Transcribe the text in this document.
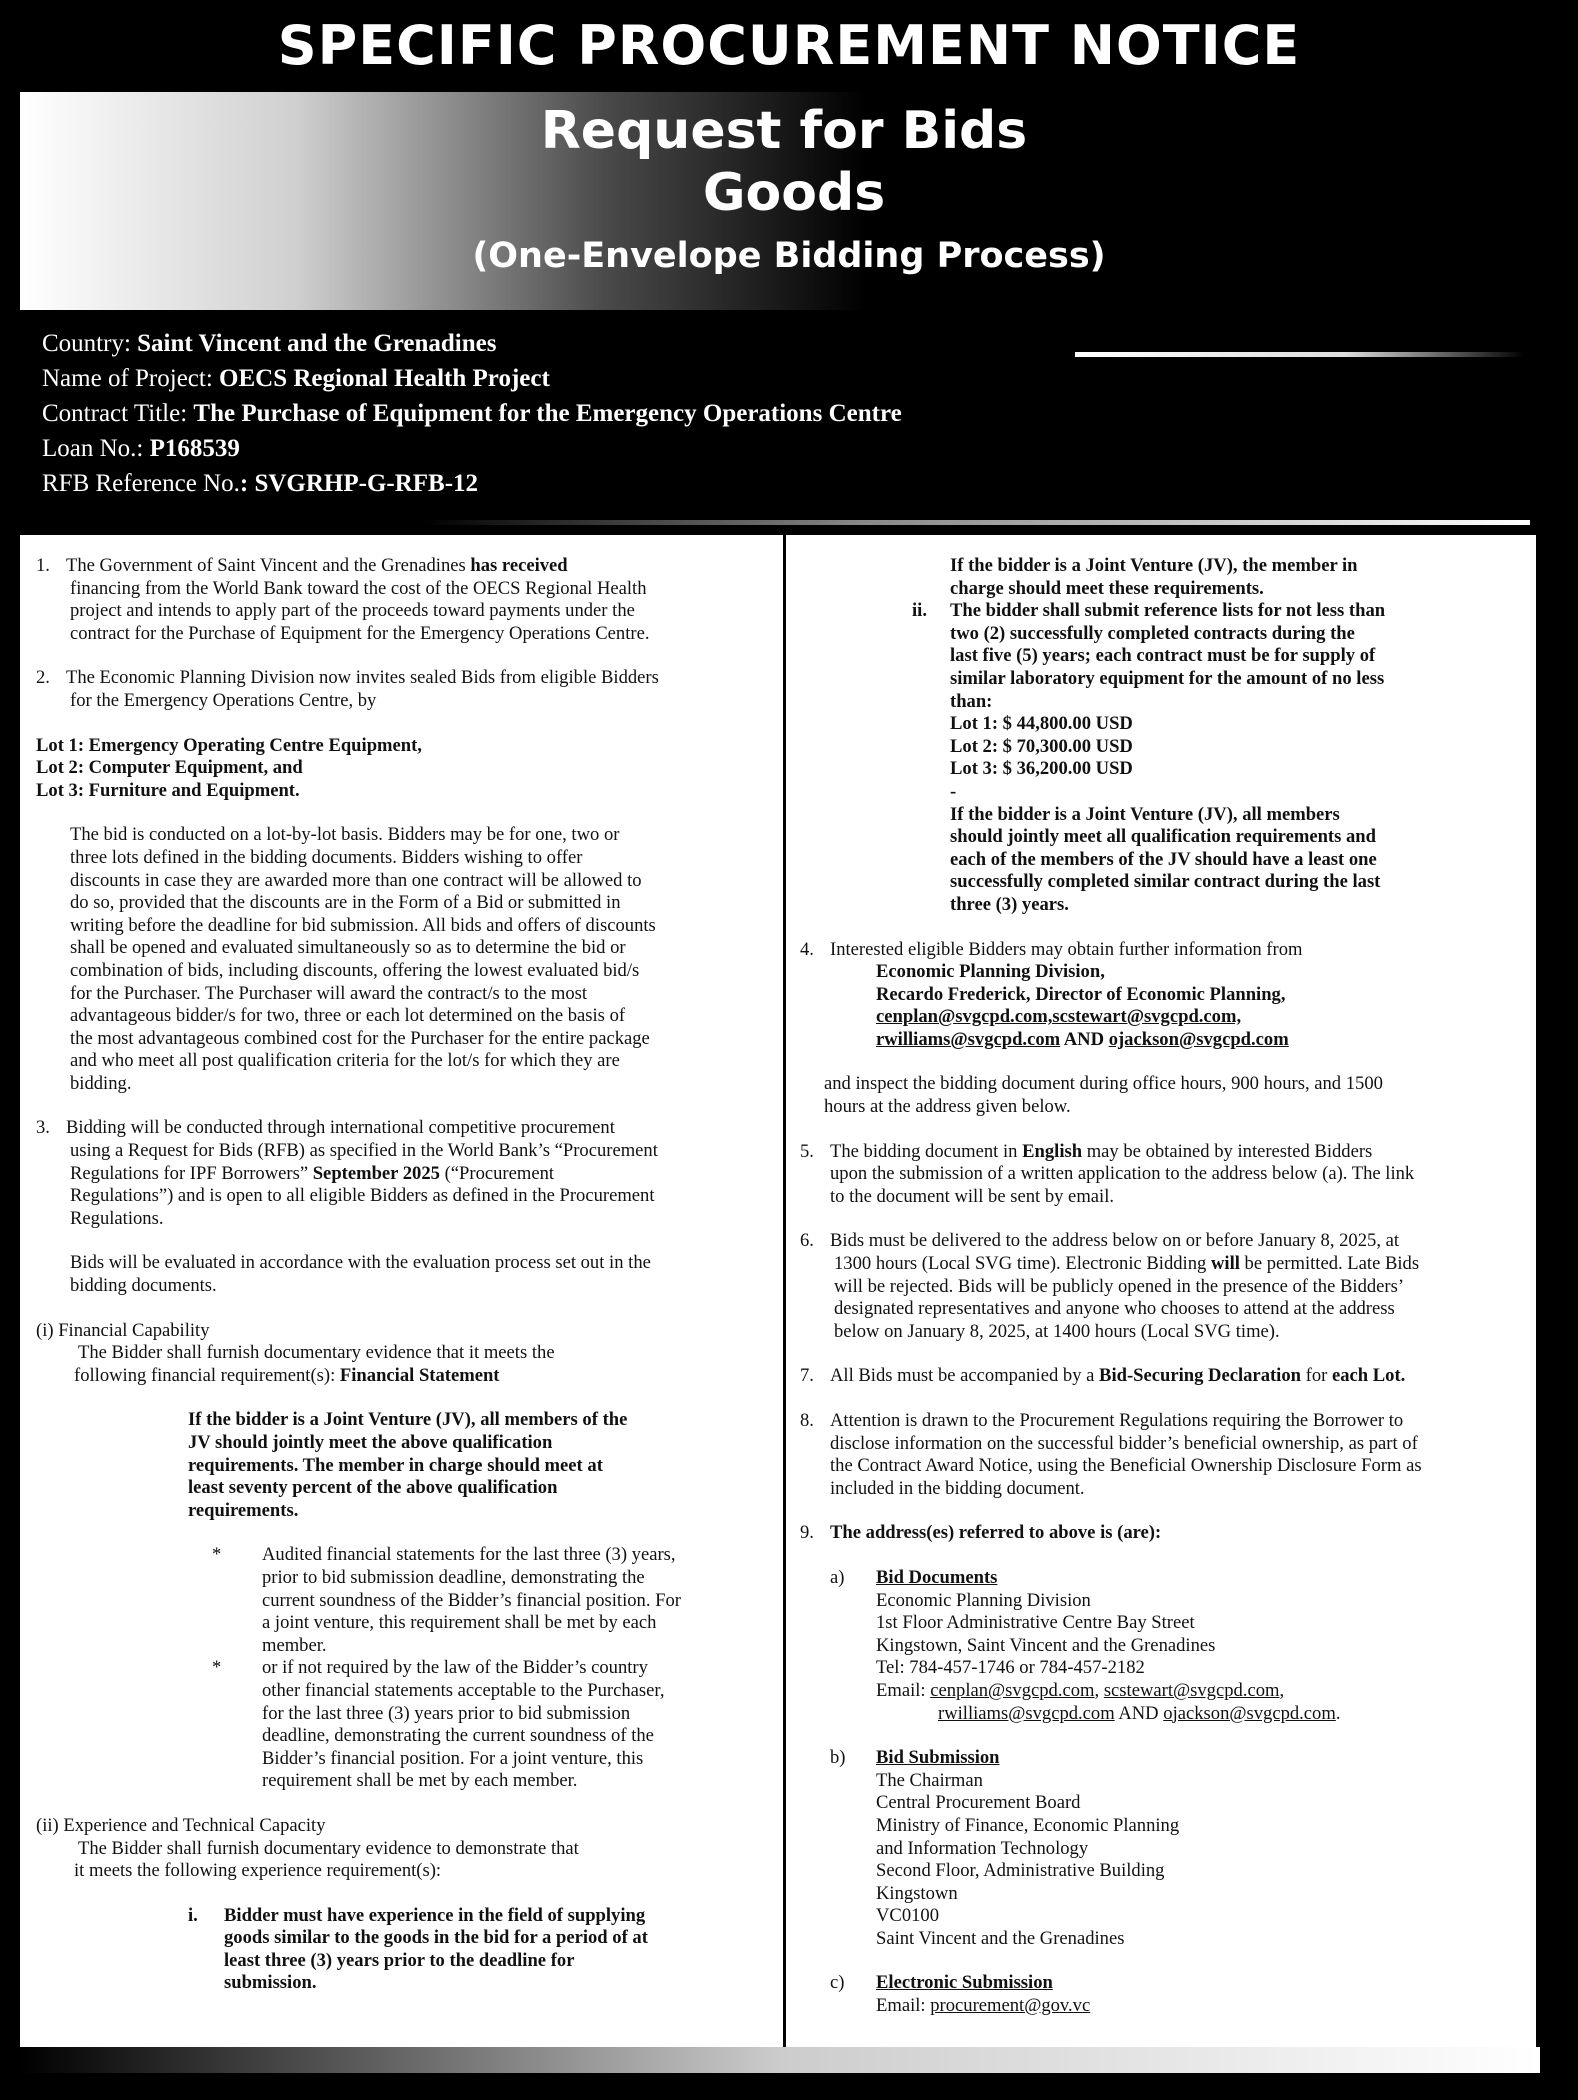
SPECIFIC PROCUREMENT NOTICE
Request for Bids
Goods
(One-Envelope Bidding Process)
Country: Saint Vincent and the Grenadines
Name of Project: OECS Regional Health Project
Contract Title: The Purchase of Equipment for the Emergency Operations Centre
Loan No.: P168539
RFB Reference No.: SVGRHP-G-RFB-12

1. The Government of Saint Vincent and the Grenadines has received

financing from the World Bank toward the cost of the OECS Regional Health

project and intends to apply part of the proceeds toward payments under the

contract for the Purchase of Equipment for the Emergency Operations Centre.

2. The Economic Planning Division now invites sealed Bids from eligible Bidders

for the Emergency Operations Centre, by

Lot 1: Emergency Operating Centre Equipment,

Lot 2: Computer Equipment, and

Lot 3: Furniture and Equipment.

The bid is conducted on a lot-by-lot basis. Bidders may be for one, two or

three lots defined in the bidding documents. Bidders wishing to offer

discounts in case they are awarded more than one contract will be allowed to

do so, provided that the discounts are in the Form of a Bid or submitted in

writing before the deadline for bid submission. All bids and offers of discounts

shall be opened and evaluated simultaneously so as to determine the bid or

combination of bids, including discounts, offering the lowest evaluated bid/s

for the Purchaser. The Purchaser will award the contract/s to the most

advantageous bidder/s for two, three or each lot determined on the basis of

the most advantageous combined cost for the Purchaser for the entire package

and who meet all post qualification criteria for the lot/s for which they are

bidding.

3. Bidding will be conducted through international competitive procurement

using a Request for Bids (RFB) as specified in the World Bank’s “Procurement

Regulations for IPF Borrowers” September 2025 (“Procurement

Regulations”) and is open to all eligible Bidders as defined in the Procurement

Regulations.

Bids will be evaluated in accordance with the evaluation process set out in the

bidding documents.

(i) Financial Capability

The Bidder shall furnish documentary evidence that it meets the

following financial requirement(s): Financial Statement

If the bidder is a Joint Venture (JV), all members of the

JV should jointly meet the above qualification

requirements. The member in charge should meet at

least seventy percent of the above qualification

requirements.

* Audited financial statements for the last three (3) years,

prior to bid submission deadline, demonstrating the

current soundness of the Bidder’s financial position. For

a joint venture, this requirement shall be met by each

member.

* or if not required by the law of the Bidder’s country

other financial statements acceptable to the Purchaser,

for the last three (3) years prior to bid submission

deadline, demonstrating the current soundness of the

Bidder’s financial position. For a joint venture, this

requirement shall be met by each member.

(ii) Experience and Technical Capacity

The Bidder shall furnish documentary evidence to demonstrate that

it meets the following experience requirement(s):

i. Bidder must have experience in the field of supplying

goods similar to the goods in the bid for a period of at

least three (3) years prior to the deadline for

submission.

If the bidder is a Joint Venture (JV), the member in

charge should meet these requirements.

ii. The bidder shall submit reference lists for not less than

two (2) successfully completed contracts during the

last five (5) years; each contract must be for supply of

similar laboratory equipment for the amount of no less

than:

Lot 1: $ 44,800.00 USD

Lot 2: $ 70,300.00 USD

Lot 3: $ 36,200.00 USD

-

If the bidder is a Joint Venture (JV), all members

should jointly meet all qualification requirements and

each of the members of the JV should have a least one

successfully completed similar contract during the last

three (3) years.

4. Interested eligible Bidders may obtain further information from

Economic Planning Division,

Recardo Frederick, Director of Economic Planning,

cenplan@svgcpd.com,scstewart@svgcpd.com,

rwilliams@svgcpd.com AND ojackson@svgcpd.com

and inspect the bidding document during office hours, 900 hours, and 1500

hours at the address given below.

5. The bidding document in English may be obtained by interested Bidders

upon the submission of a written application to the address below (a). The link

to the document will be sent by email.

6. Bids must be delivered to the address below on or before January 8, 2025, at

1300 hours (Local SVG time). Electronic Bidding will be permitted. Late Bids

will be rejected. Bids will be publicly opened in the presence of the Bidders’

designated representatives and anyone who chooses to attend at the address

below on January 8, 2025, at 1400 hours (Local SVG time).

7. All Bids must be accompanied by a Bid-Securing Declaration for each Lot.

8. Attention is drawn to the Procurement Regulations requiring the Borrower to

disclose information on the successful bidder’s beneficial ownership, as part of

the Contract Award Notice, using the Beneficial Ownership Disclosure Form as

included in the bidding document.

9. The address(es) referred to above is (are):

a) Bid Documents

Economic Planning Division

1st Floor Administrative Centre Bay Street

Kingstown, Saint Vincent and the Grenadines

Tel: 784-457-1746 or 784-457-2182

Email: cenplan@svgcpd.com, scstewart@svgcpd.com,

rwilliams@svgcpd.com AND ojackson@svgcpd.com.

b) Bid Submission

The Chairman

Central Procurement Board

Ministry of Finance, Economic Planning

and Information Technology

Second Floor, Administrative Building

Kingstown

VC0100

Saint Vincent and the Grenadines

c) Electronic Submission

Email: procurement@gov.vc
